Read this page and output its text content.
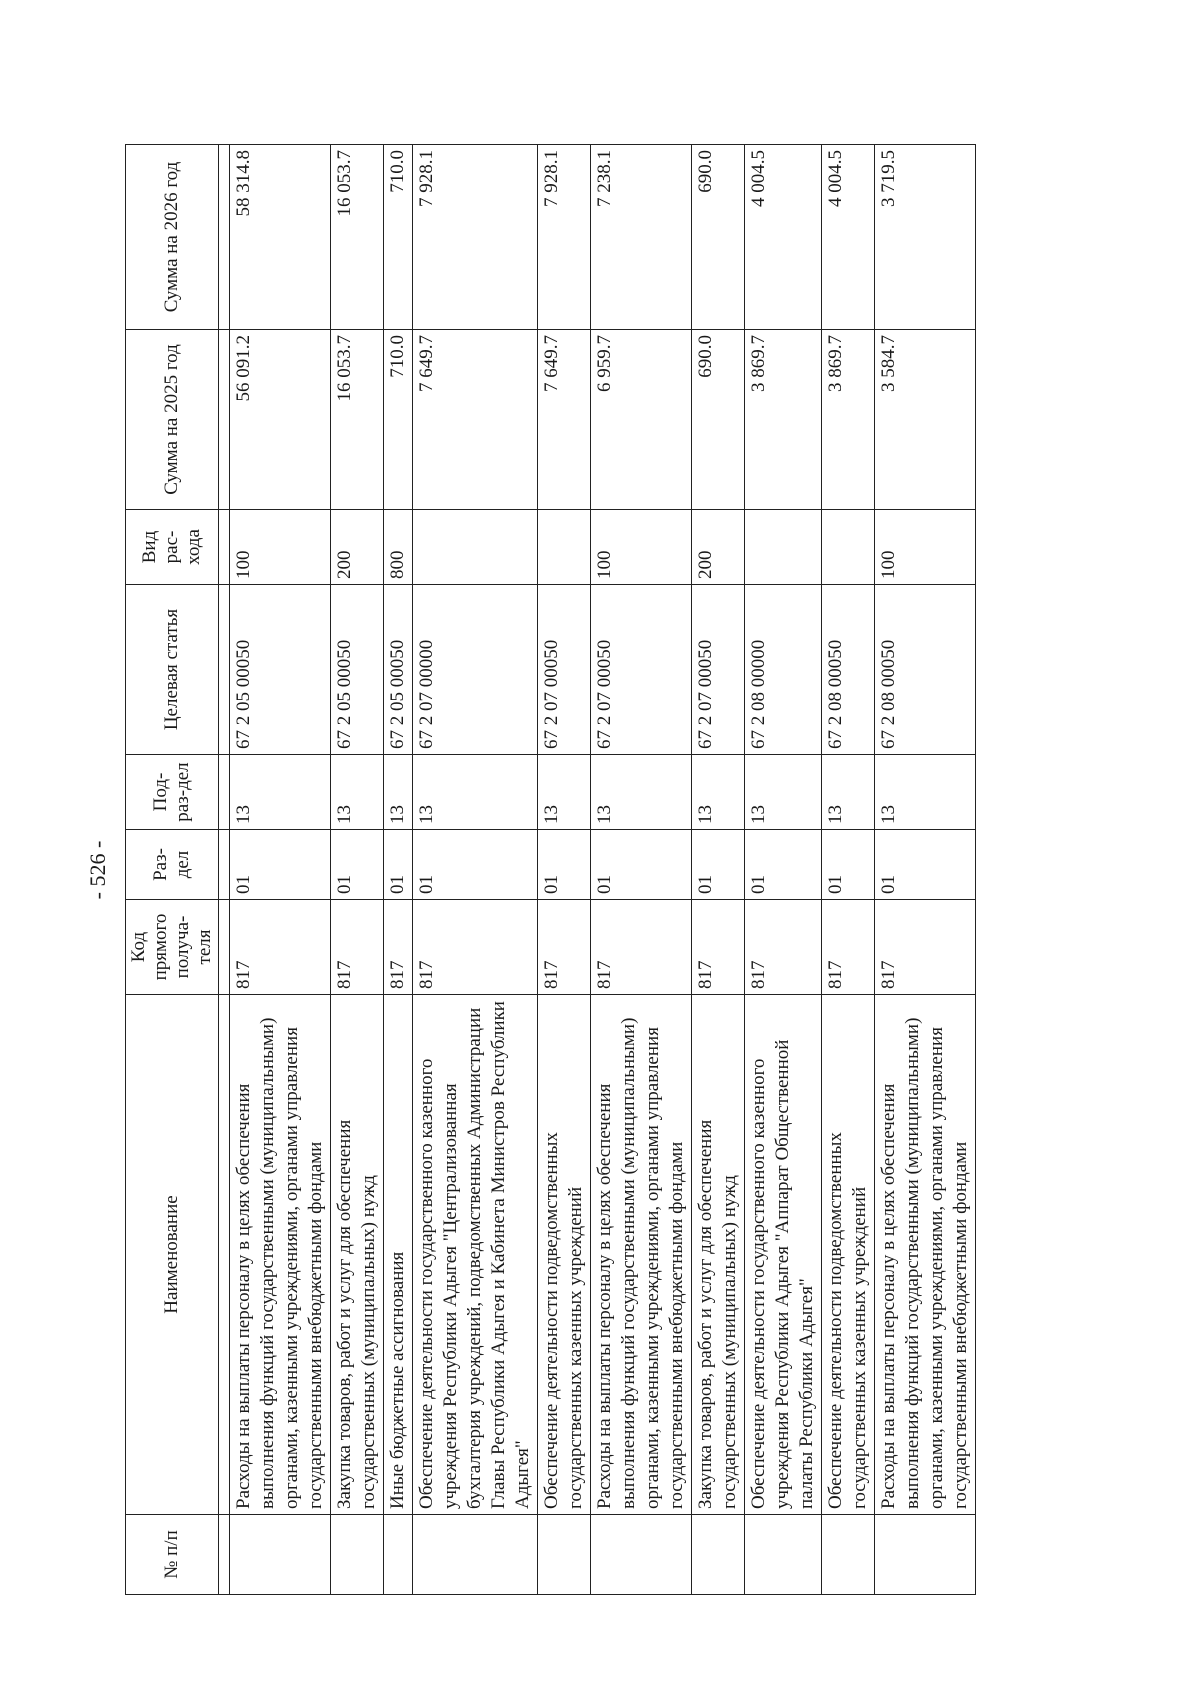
- 526 -
№ п/п	Наименование	Код прямого получа-теля	Раз-дел	Под-раз-дел	Целевая статья	Вид рас-хода	Сумма на 2025 год	Сумма на 2026 год

	Расходы на выплаты персоналу в целях обеспечения выполнения функций государственными (муниципальными) органами, казенными учреждениями, органами управления государственными внебюджетными фондами	817	01	13	67 2 05 00050	100	56 091.2	58 314.8
	Закупка товаров, работ и услуг для обеспечения государственных (муниципальных) нужд	817	01	13	67 2 05 00050	200	16 053.7	16 053.7
	Иные бюджетные ассигнования	817	01	13	67 2 05 00050	800	710.0	710.0
	Обеспечение деятельности государственного казенного учреждения Республики Адыгея "Централизованная бухгалтерия учреждений, подведомственных Администрации Главы Республики Адыгея и Кабинета Министров Республики Адыгея"	817	01	13	67 2 07 00000		7 649.7	7 928.1
	Обеспечение деятельности подведомственных государственных казенных учреждений	817	01	13	67 2 07 00050		7 649.7	7 928.1
	Расходы на выплаты персоналу в целях обеспечения выполнения функций государственными (муниципальными) органами, казенными учреждениями, органами управления государственными внебюджетными фондами	817	01	13	67 2 07 00050	100	6 959.7	7 238.1
	Закупка товаров, работ и услуг для обеспечения государственных (муниципальных) нужд	817	01	13	67 2 07 00050	200	690.0	690.0
	Обеспечение деятельности государственного казенного учреждения Республики Адыгея "Аппарат Общественной палаты Республики Адыгея"	817	01	13	67 2 08 00000		3 869.7	4 004.5
	Обеспечение деятельности подведомственных государственных казенных учреждений	817	01	13	67 2 08 00050		3 869.7	4 004.5
	Расходы на выплаты персоналу в целях обеспечения выполнения функций государственными (муниципальными) органами, казенными учреждениями, органами управления государственными внебюджетными фондами	817	01	13	67 2 08 00050	100	3 584.7	3 719.5
